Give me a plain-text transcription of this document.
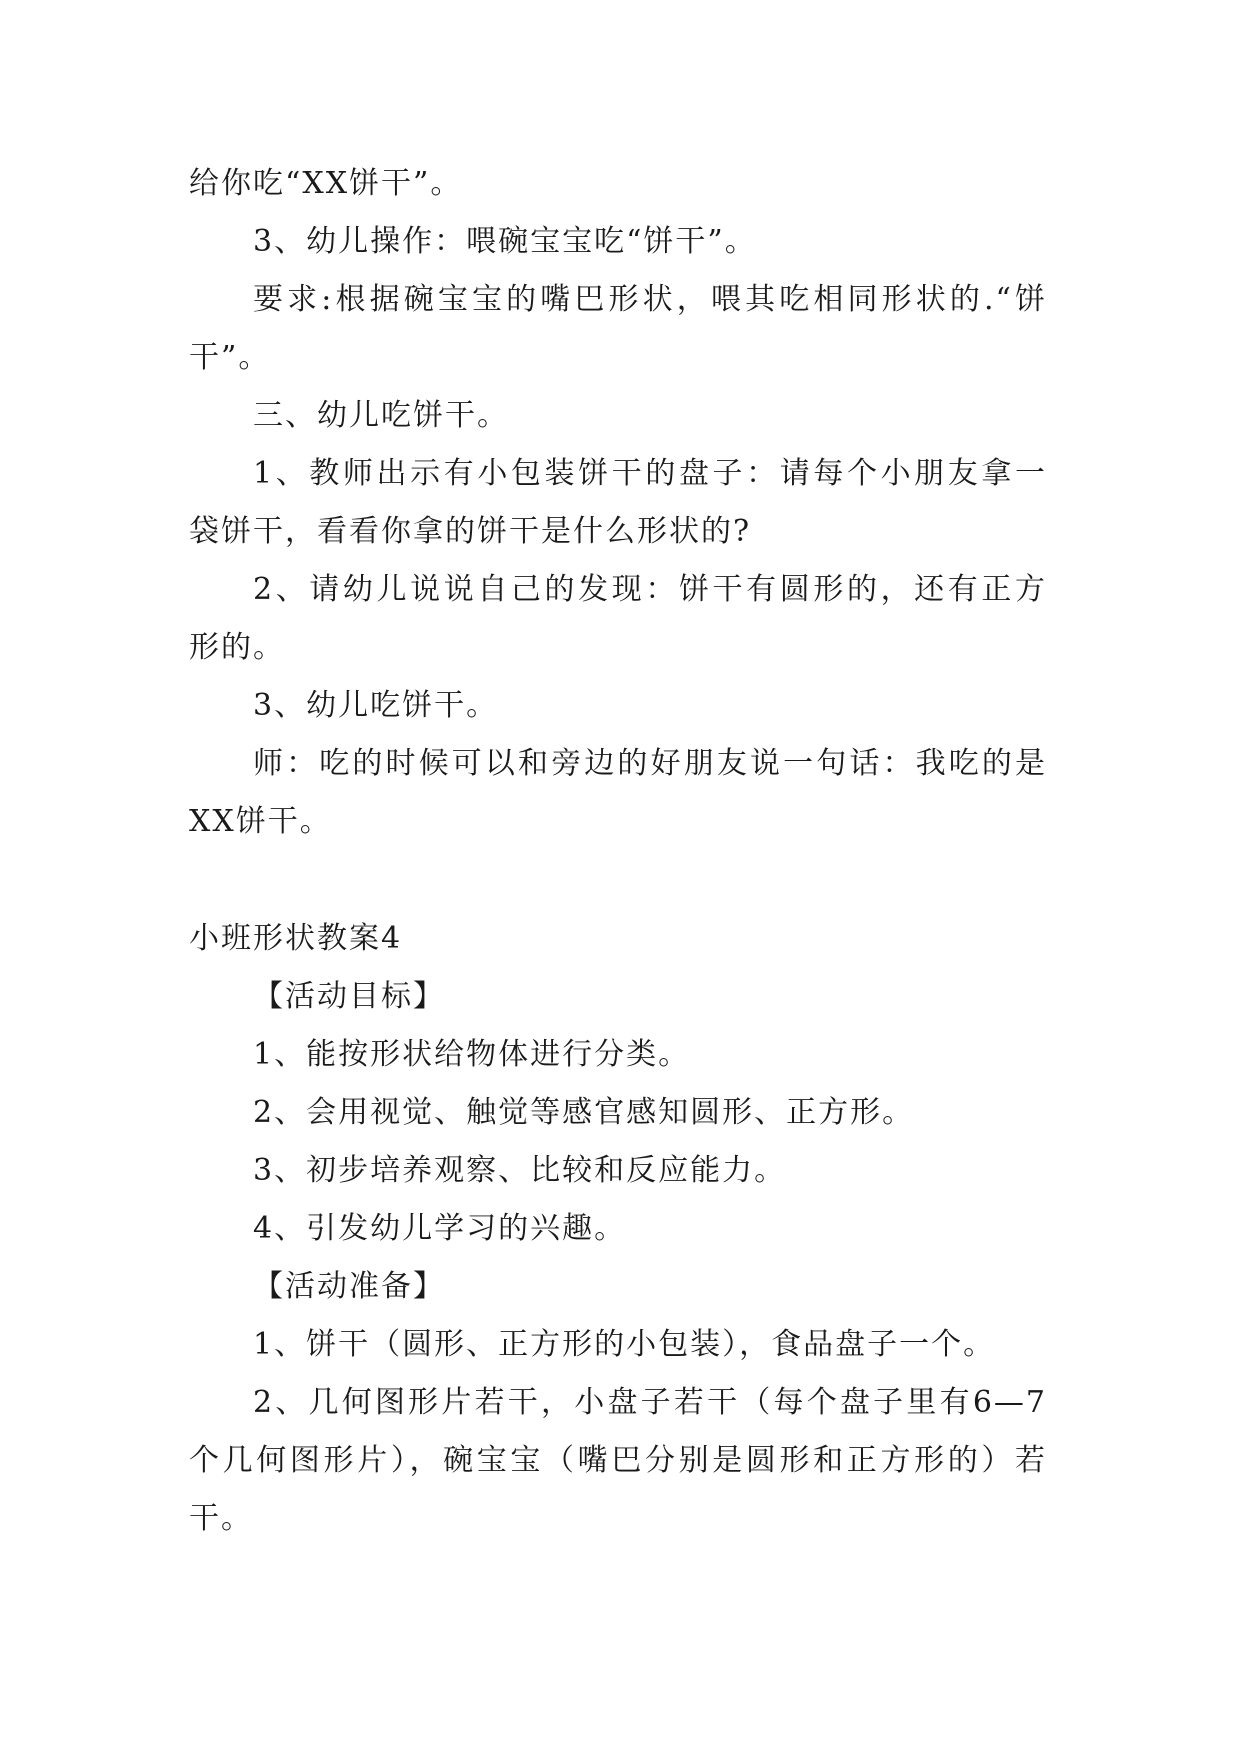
给你吃“XX饼干”。
3、幼儿操作：喂碗宝宝吃“饼干”。
要求:根据碗宝宝的嘴巴形状，喂其吃相同形状的.“饼
干”。
三、幼儿吃饼干。
1、教师出示有小包装饼干的盘子：请每个小朋友拿一
袋饼干，看看你拿的饼干是什么形状的?
2、请幼儿说说自己的发现：饼干有圆形的，还有正方
形的。
3、幼儿吃饼干。
师：吃的时候可以和旁边的好朋友说一句话：我吃的是
XX饼干。
小班形状教案4
【活动目标】
1、能按形状给物体进行分类。
2、会用视觉、触觉等感官感知圆形、正方形。
3、初步培养观察、比较和反应能力。
4、引发幼儿学习的兴趣。
【活动准备】
1、饼干（圆形、正方形的小包装），食品盘子一个。
2、几何图形片若干，小盘子若干（每个盘子里有6—7
个几何图形片），碗宝宝（嘴巴分别是圆形和正方形的）若
干。
